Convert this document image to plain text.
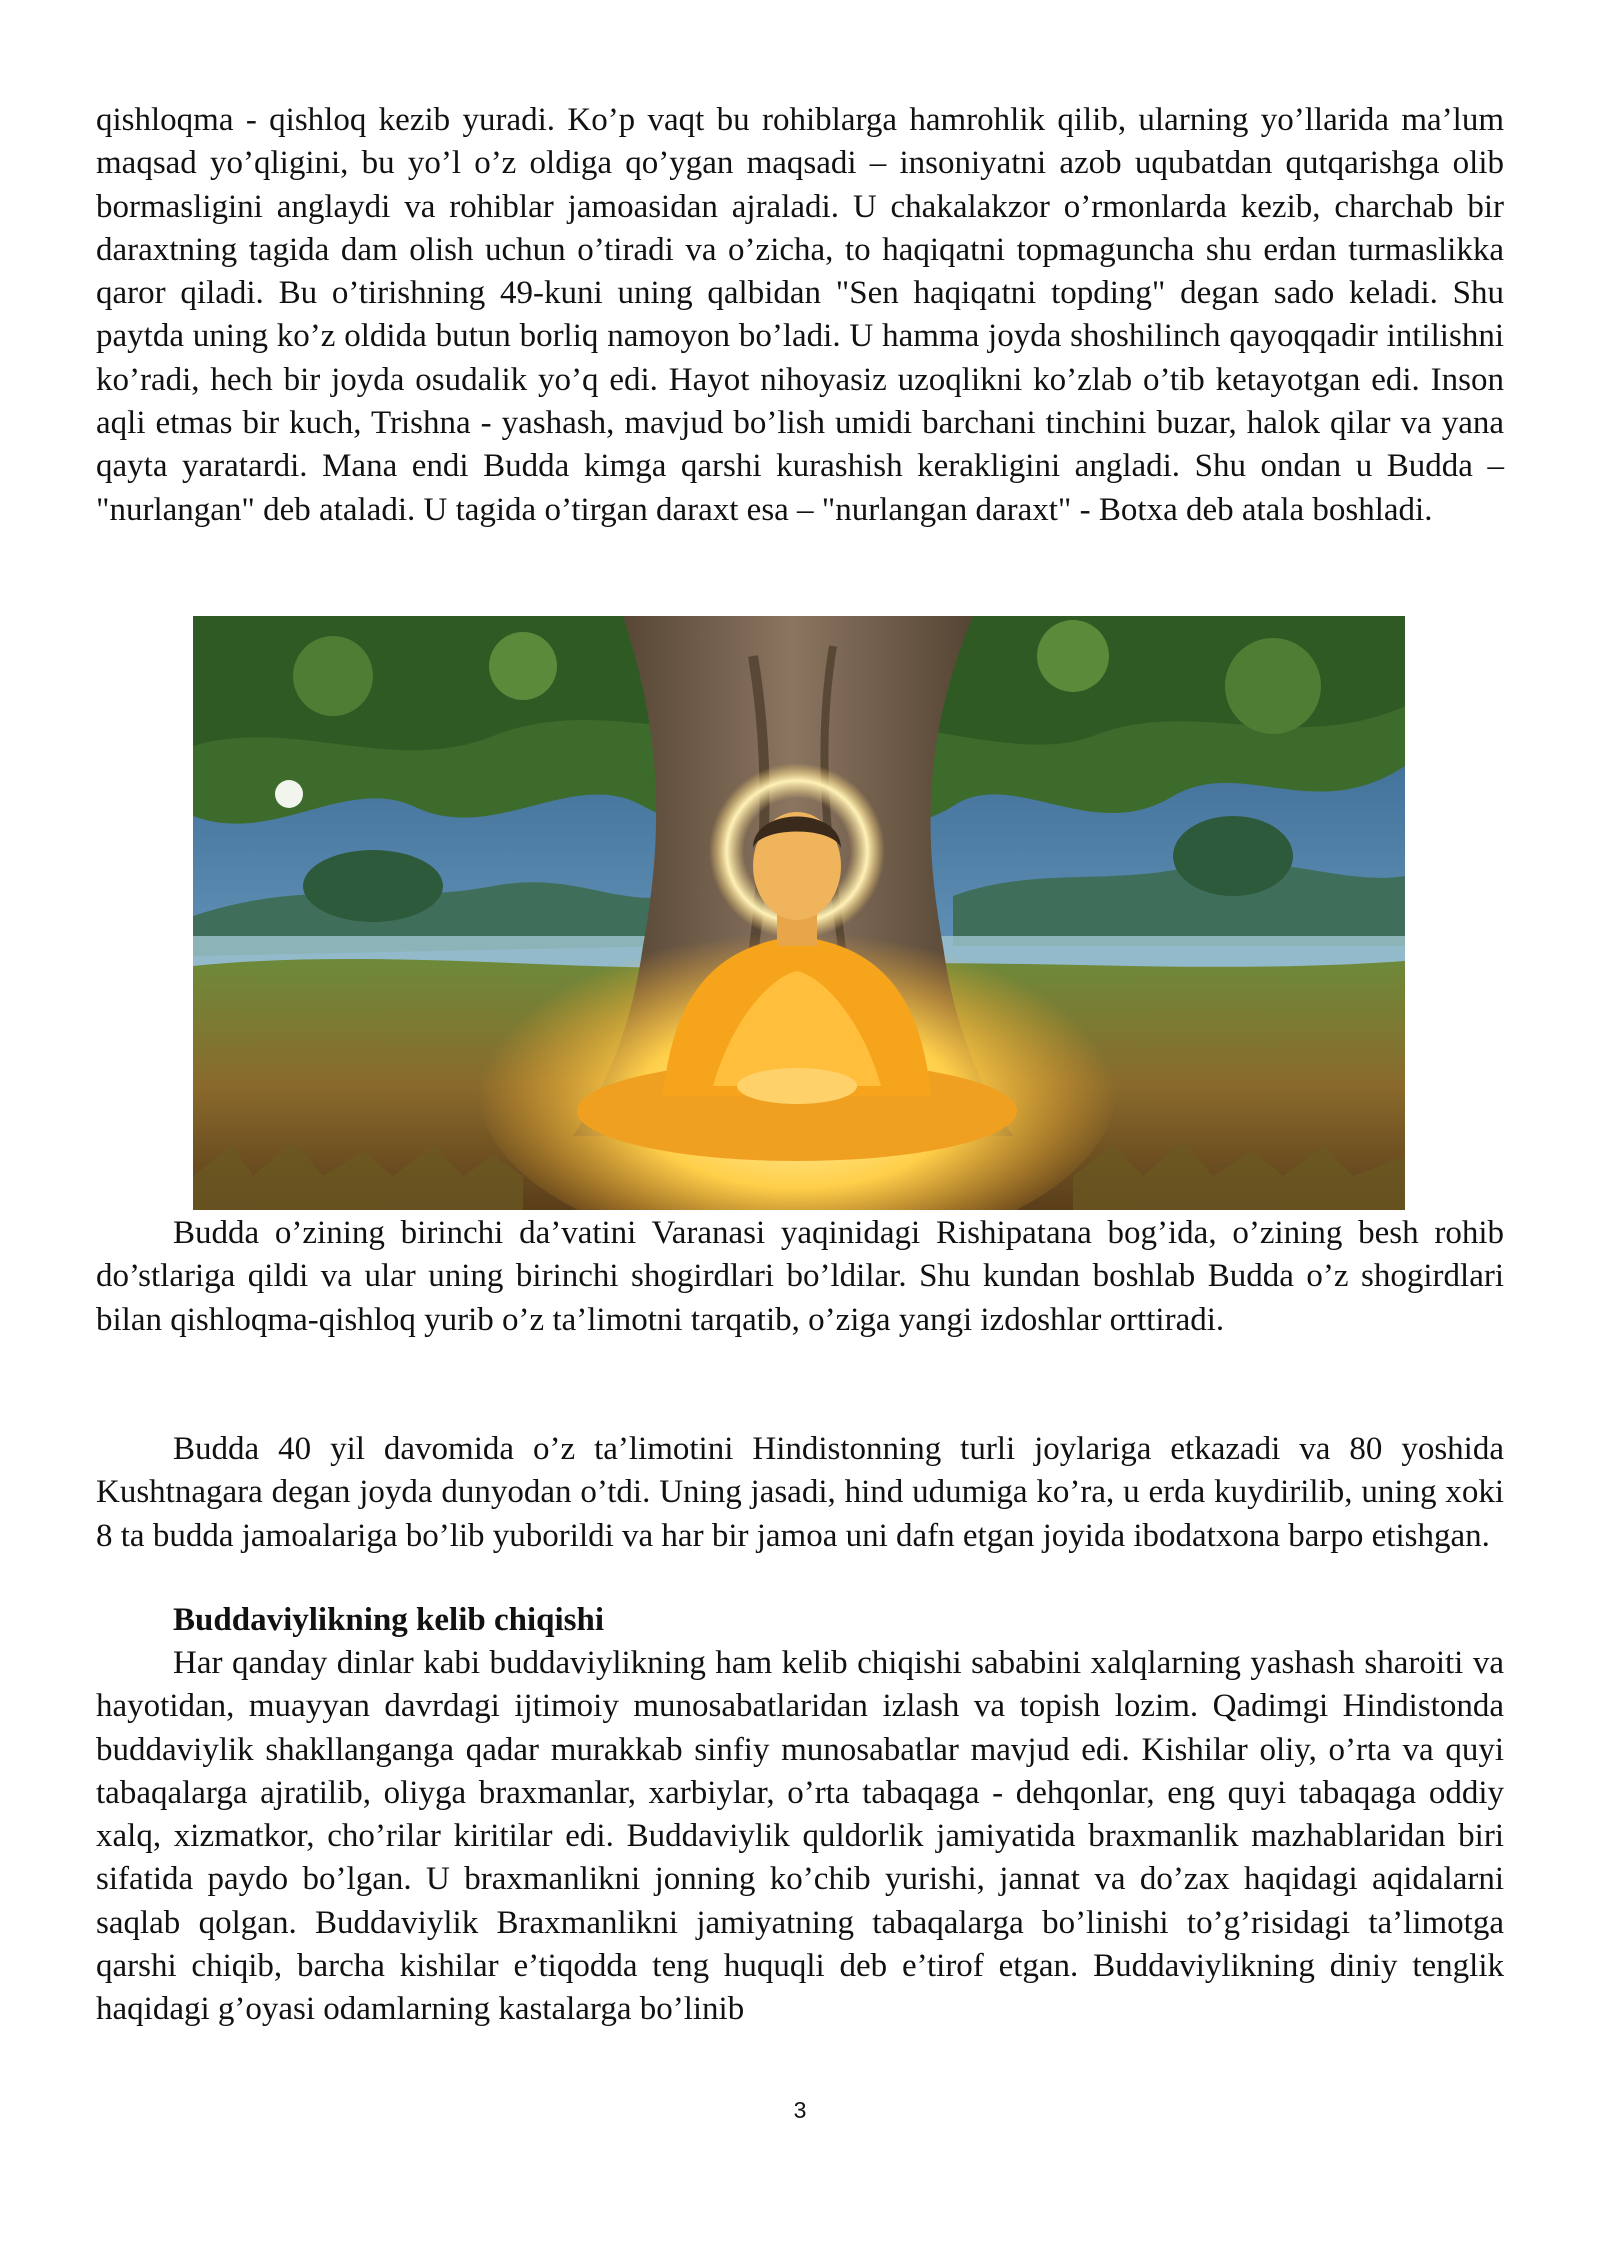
qishloqma - qishloq kezib yuradi. Ko’p vaqt bu rohiblarga hamrohlik qilib, ularning yo’llarida ma’lum maqsad yo’qligini, bu yo’l o’z oldiga qo’ygan maqsadi – insoniyatni azob uqubatdan qutqarishga olib bormasligini anglaydi va rohiblar jamoasidan ajraladi. U chakalakzor o’rmonlarda kezib, charchab bir daraxtning tagida dam olish uchun o’tiradi va o’zicha, to haqiqatni topmaguncha shu erdan turmaslikka qaror qiladi. Bu o’tirishning 49-kuni uning qalbidan "Sen haqiqatni topding" degan sado keladi. Shu paytda uning ko’z oldida butun borliq namoyon bo’ladi. U hamma joyda shoshilinch qayoqqadir intilishni ko’radi, hech bir joyda osudalik yo’q edi. Hayot nihoyasiz uzoqlikni ko’zlab o’tib ketayotgan edi. Inson aqli etmas bir kuch, Trishna - yashash, mavjud bo’lish umidi barchani tinchini buzar, halok qilar va yana qayta yaratardi. Mana endi Budda kimga qarshi kurashish kerakligini angladi. Shu ondan u Budda – "nurlangan" deb ataladi. U tagida o’tirgan daraxt esa – "nurlangan daraxt" - Botxa deb atala boshladi.

Budda o’zining birinchi da’vatini Varanasi yaqinidagi Rishipatana bog’ida, o’zining besh rohib do’stlariga qildi va ular uning birinchi shogirdlari bo’ldilar. Shu kundan boshlab Budda o’z shogirdlari bilan qishloqma-qishloq yurib o’z ta’limotni tarqatib, o’ziga yangi izdoshlar orttiradi.

Budda 40 yil davomida o’z ta’limotini Hindistonning turli joylariga etkazadi va 80 yoshida Kushtnagara degan joyda dunyodan o’tdi. Uning jasadi, hind udumiga ko’ra, u erda kuydirilib, uning xoki 8 ta budda jamoalariga bo’lib yuborildi va har bir jamoa uni dafn etgan joyida ibodatxona barpo etishgan.

Buddaviylikning kelib chiqishi

Har qanday dinlar kabi buddaviylikning ham kelib chiqishi sababini xalqlarning yashash sharoiti va hayotidan, muayyan davrdagi ijtimoiy munosabatlaridan izlash va topish lozim. Qadimgi Hindistonda buddaviylik shakllanganga qadar murakkab sinfiy munosabatlar mavjud edi. Kishilar oliy, o’rta va quyi tabaqalarga ajratilib, oliyga braxmanlar, xarbiylar, o’rta tabaqaga - dehqonlar, eng quyi tabaqaga oddiy xalq, xizmatkor, cho’rilar kiritilar edi. Buddaviylik quldorlik jamiyatida braxmanlik mazhablaridan biri sifatida paydo bo’lgan. U braxmanlikni jonning ko’chib yurishi, jannat va do’zax haqidagi aqidalarni saqlab qolgan. Buddaviylik Braxmanlikni jamiyatning tabaqalarga bo’linishi to’g’risidagi ta’limotga qarshi chiqib, barcha kishilar e’tiqodda teng huquqli deb e’tirof etgan. Buddaviylikning diniy tenglik haqidagi g’oyasi odamlarning kastalarga bo’linib

3
